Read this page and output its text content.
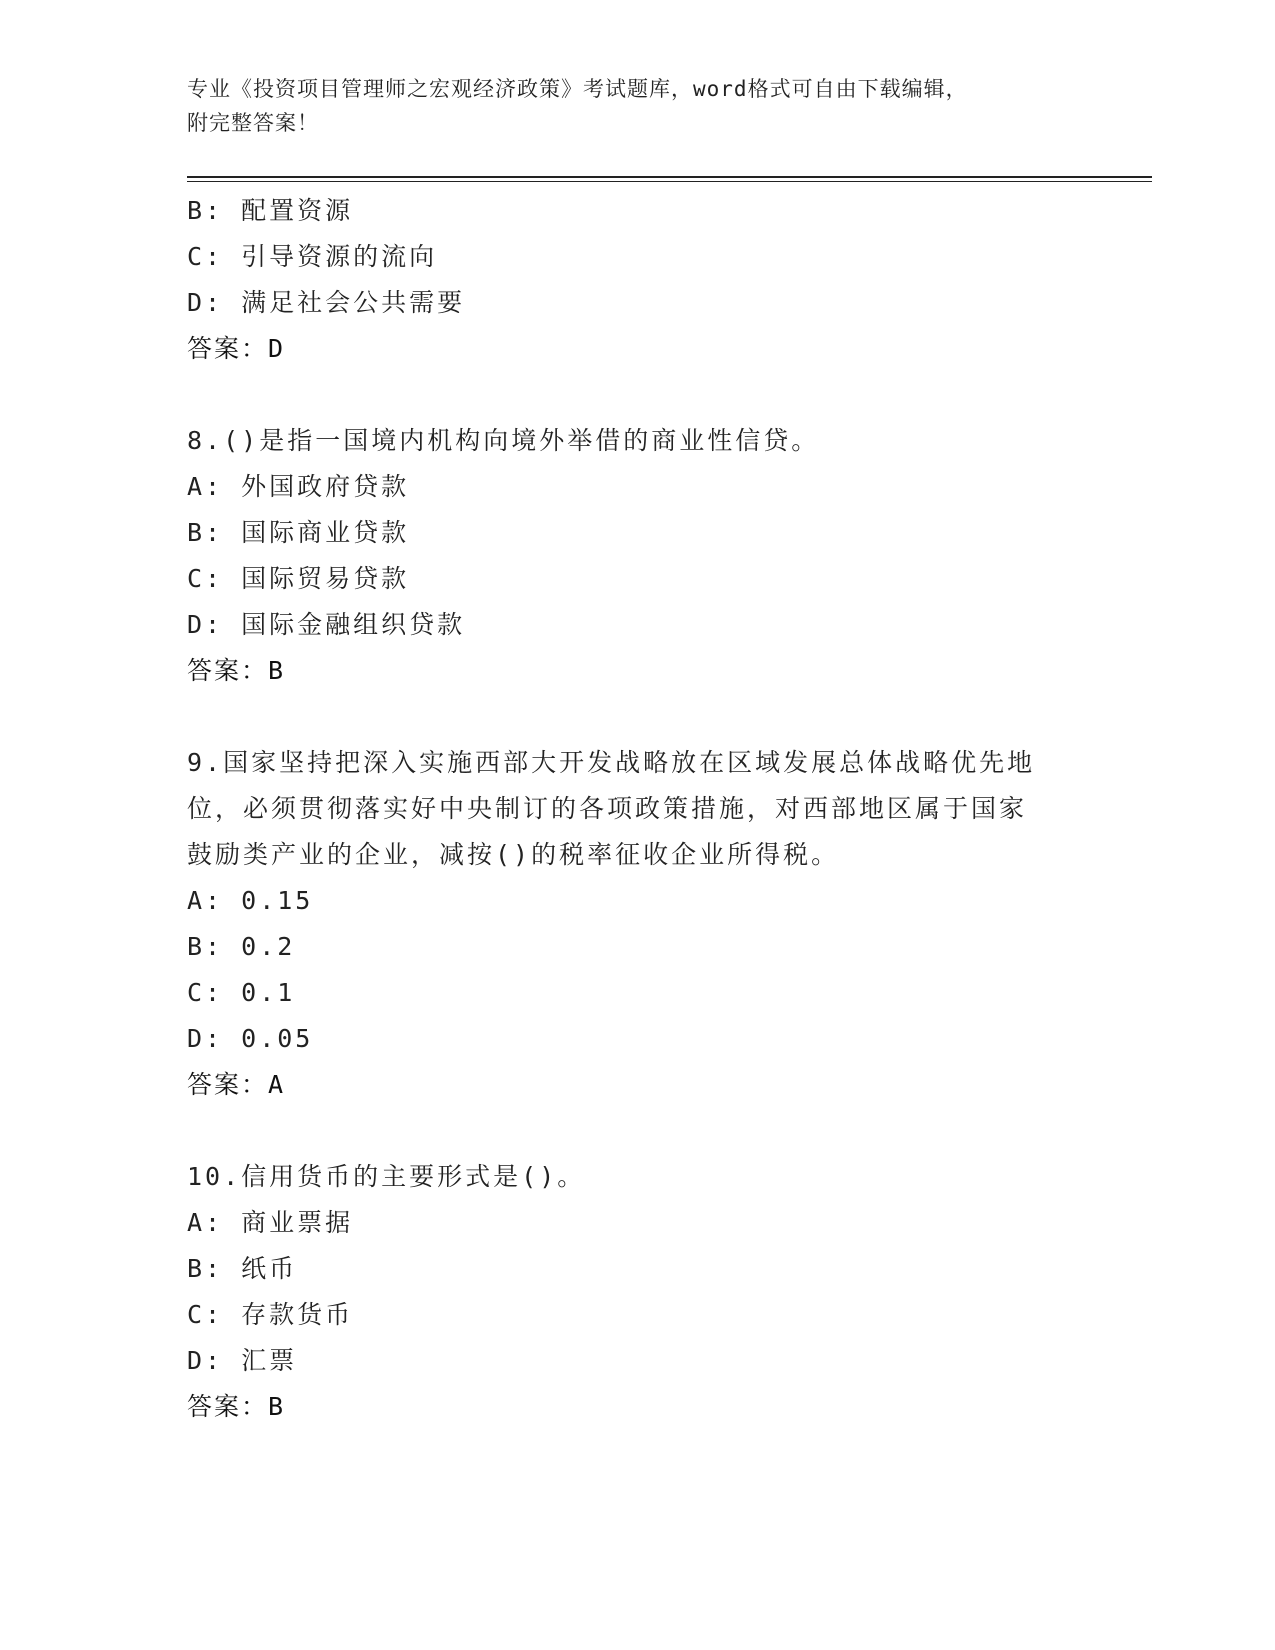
专业《投资项目管理师之宏观经济政策》考试题库，word格式可自由下载编辑，
附完整答案！
B: 配置资源
C: 引导资源的流向
D: 满足社会公共需要
答案：D
8.()是指一国境内机构向境外举借的商业性信贷。
A: 外国政府贷款
B: 国际商业贷款
C: 国际贸易贷款
D: 国际金融组织贷款
答案：B
9.国家坚持把深入实施西部大开发战略放在区域发展总体战略优先地
位，必须贯彻落实好中央制订的各项政策措施，对西部地区属于国家
鼓励类产业的企业，减按()的税率征收企业所得税。
A: 0.15
B: 0.2
C: 0.1
D: 0.05
答案：A
10.信用货币的主要形式是()。
A: 商业票据
B: 纸币
C: 存款货币
D: 汇票
答案：B
